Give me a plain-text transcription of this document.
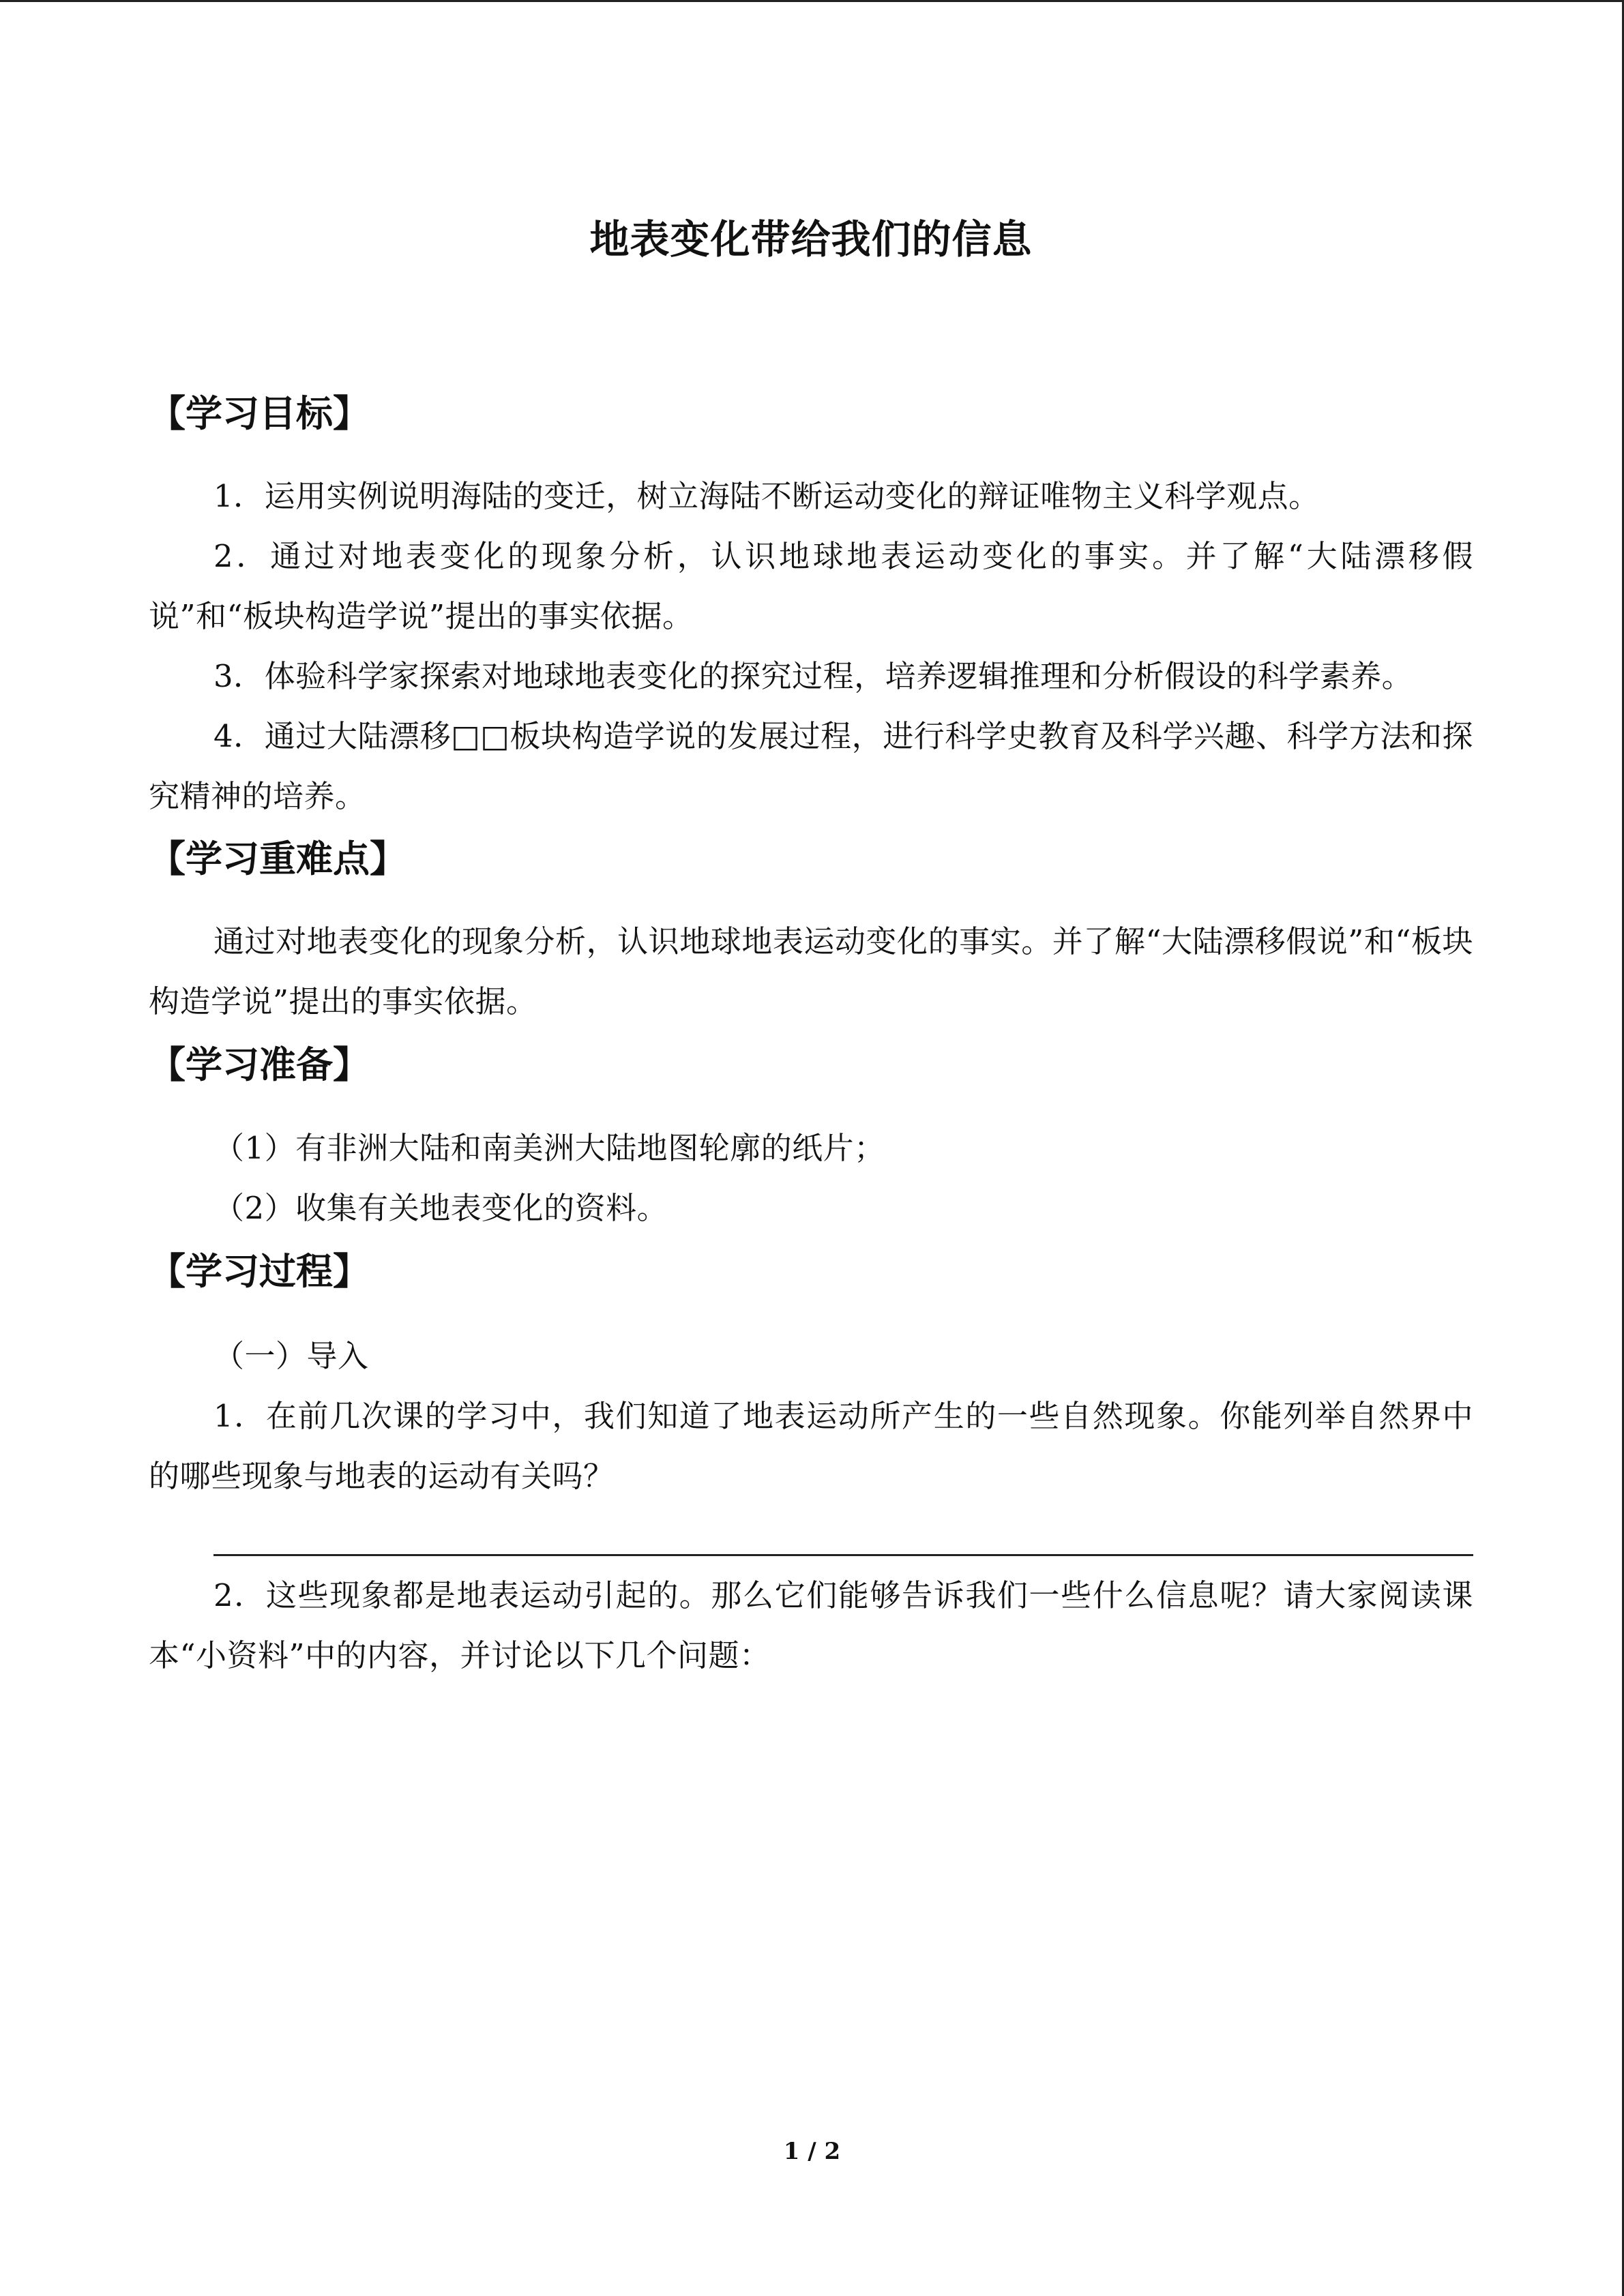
地表变化带给我们的信息
【学习目标】
1．运用实例说明海陆的变迁，树立海陆不断运动变化的辩证唯物主义科学观点。
2．通过对地表变化的现象分析，认识地球地表运动变化的事实。并了解“大陆漂移假说”和“板块构造学说”提出的事实依据。
3．体验科学家探索对地球地表变化的探究过程，培养逻辑推理和分析假设的科学素养。
4．通过大陆漂移□□板块构造学说的发展过程，进行科学史教育及科学兴趣、科学方法和探究精神的培养。
【学习重难点】
通过对地表变化的现象分析，认识地球地表运动变化的事实。并了解“大陆漂移假说”和“板块构造学说”提出的事实依据。
【学习准备】
（1）有非洲大陆和南美洲大陆地图轮廓的纸片；
（2）收集有关地表变化的资料。
【学习过程】
（一）导入
1．在前几次课的学习中，我们知道了地表运动所产生的一些自然现象。你能列举自然界中的哪些现象与地表的运动有关吗？
2．这些现象都是地表运动引起的。那么它们能够告诉我们一些什么信息呢？请大家阅读课本“小资料”中的内容，并讨论以下几个问题：
1 / 2
